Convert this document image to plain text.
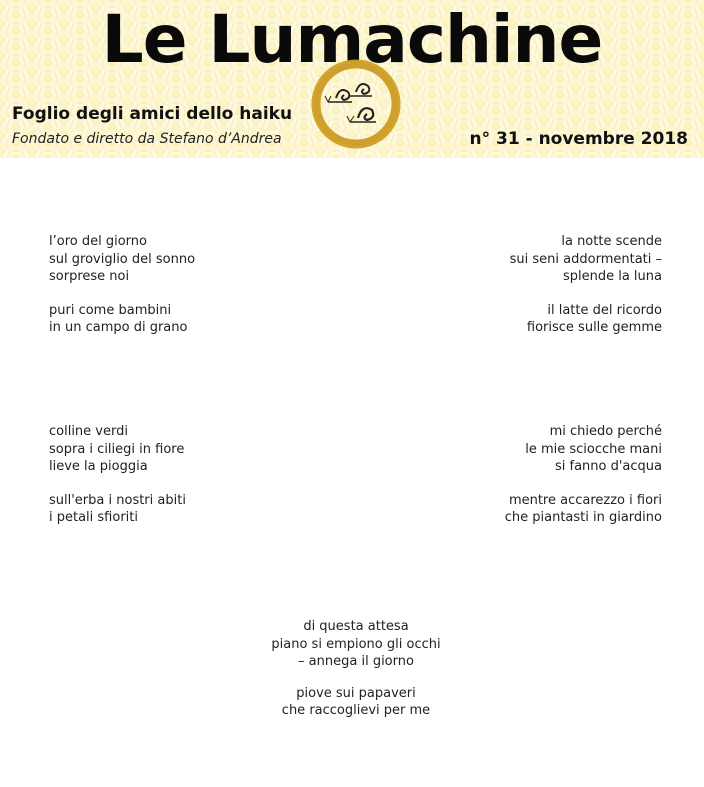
Le Lumachine
Foglio degli amici dello haiku
Fondato e diretto da Stefano d’Andrea	n° 31 - novembre 2018
l’oro del giorno
sul groviglio del sonno
sorprese noi
puri come bambini
in un campo di grano
la notte scende
sui seni addormentati –
splende la luna
il latte del ricordo
fiorisce sulle gemme
colline verdi
sopra i ciliegi in fiore
lieve la pioggia
sull'erba i nostri abiti
i petali sfioriti
mi chiedo perché
le mie sciocche mani
si fanno d'acqua
mentre accarezzo i fiori
che piantasti in giardino
di questa attesa
piano si empiono gli occhi
– annega il giorno
piove sui papaveri
che raccoglievi per me
